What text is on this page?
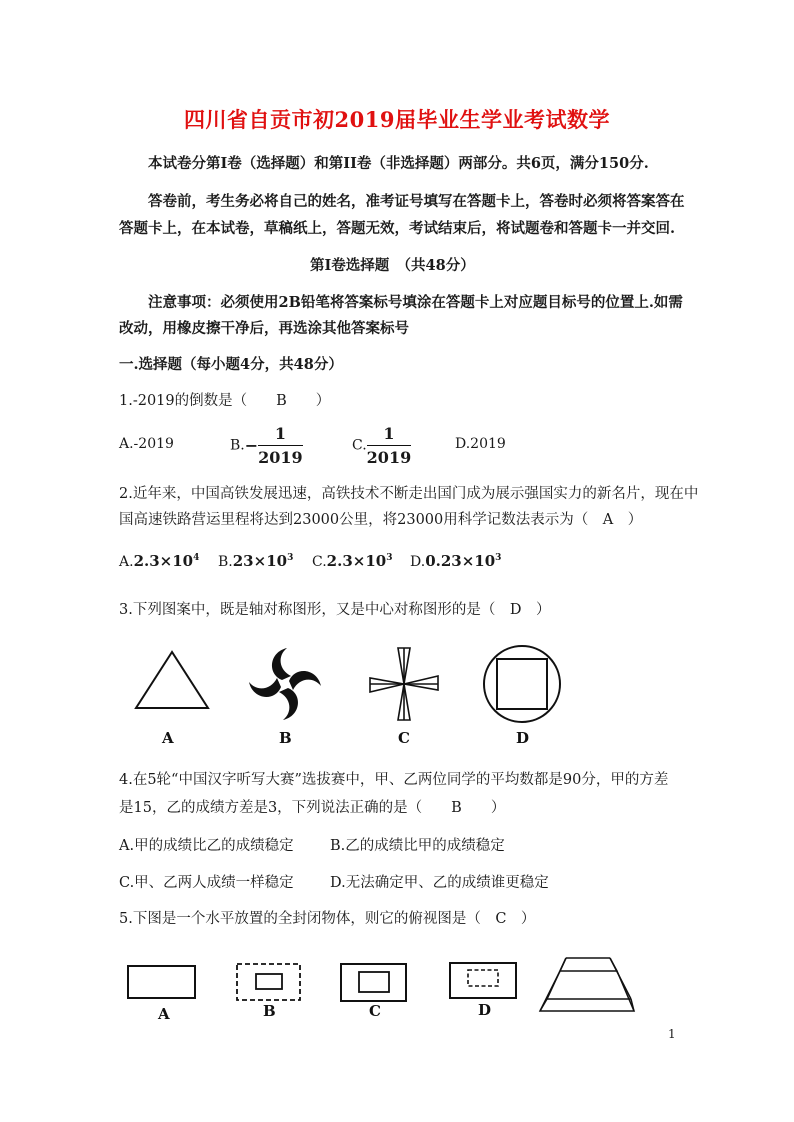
四川省自贡市初2019届毕业生学业考试数学
本试卷分第I卷（选择题）和第II卷（非选择题）两部分。共6页，满分150分.
答卷前，考生务必将自己的姓名，准考证号填写在答题卡上，答卷时必须将答案答在
答题卡上，在本试卷，草稿纸上，答题无效，考试结束后，将试题卷和答题卡一并交回.
第I卷选择题　（共48分）
注意事项：必须使用2B铅笔将答案标号填涂在答题卡上对应题目标号的位置上.如需
改动，用橡皮擦干净后，再选涂其他答案标号
一.选择题（每小题4分，共48分）
1.-2019的倒数是（　　B　　）
A.-2019	$B.- \frac{1}{2019}$	C. $\frac{1}{2019}$	D.2019
2.近年来，中国高铁发展迅速，高铁技术不断走出国门成为展示强国实力的新名片，现在中
国高速铁路营运里程将达到23000公里，将23000用科学记数法表示为（　A　）
$A.2.3\times 10^4$ $B.23\times 10^3$ $C.2.3\times 10^3$ $D.0.23\times 10^3$
3.下列图案中，既是轴对称图形，又是中心对称图形的是（　D　）
A	B	C	D
4.在5轮“中国汉字听写大赛”选拔赛中，甲、乙两位同学的平均数都是90分，甲的方差
是15，乙的成绩方差是3，下列说法正确的是（　　B　　）
A.甲的成绩比乙的成绩稳定	B.乙的成绩比甲的成绩稳定
C.甲、乙两人成绩一样稳定	D.无法确定甲、乙的成绩谁更稳定
5.下图是一个水平放置的全封闭物体，则它的俯视图是（　C　）
A	B	C	D
1
